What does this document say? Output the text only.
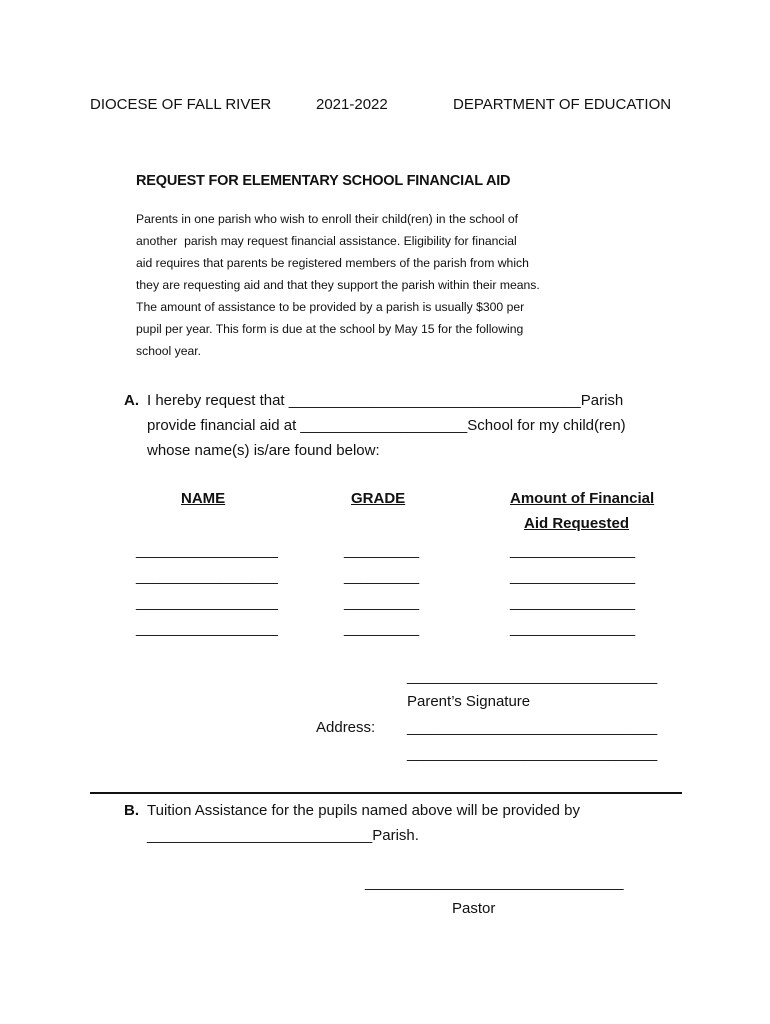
DIOCESE OF FALL RIVER	2021-2022	DEPARTMENT OF EDUCATION
REQUEST FOR ELEMENTARY SCHOOL FINANCIAL AID
Parents in one parish who wish to enroll their child(ren) in the school of
another  parish may request financial assistance. Eligibility for financial
aid requires that parents be registered members of the parish from which
they are requesting aid and that they support the parish within their means.
The amount of assistance to be provided by a parish is usually $300 per
pupil per year. This form is due at the school by May 15 for the following
school year.
A. I hereby request that ___________________________________Parish
provide financial aid at ____________________School for my child(ren)
whose name(s) is/are found below:
NAME	GRADE	Amount of Financial
Aid Requested
_________________	_________	_______________
_________________	_________	_______________
_________________	_________	_______________
_________________	_________	_______________
______________________________
Parent’s Signature
Address: ______________________________
______________________________
B. Tuition Assistance for the pupils named above will be provided by
___________________________Parish.
_______________________________
Pastor
